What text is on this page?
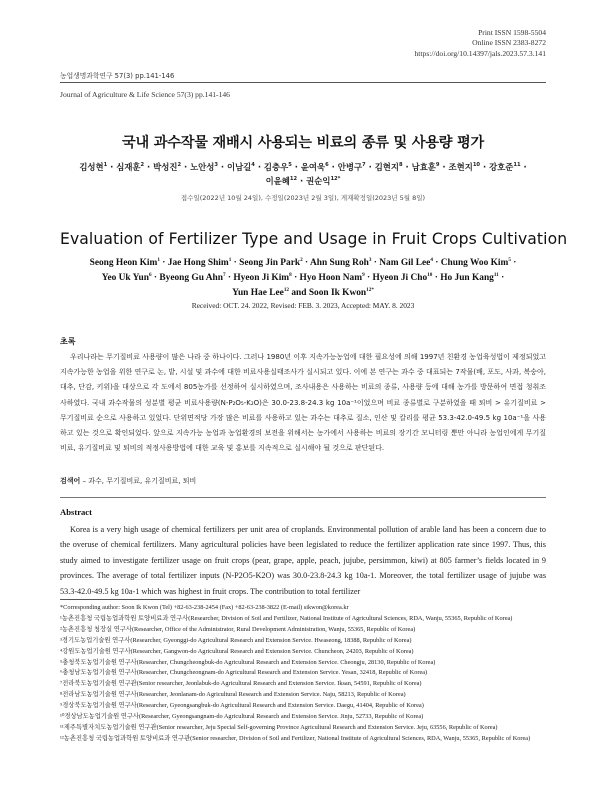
Print ISSN 1598-5504
Online ISSN 2383-8272
https://doi.org/10.14397/jals.2023.57.3.141
농업생명과학연구 57(3) pp.141-146
Journal of Agriculture & Life Science 57(3) pp.141-146
국내 과수작물 재배시 사용되는 비료의 종류 및 사용량 평가
김성현$^1$ · 심재훈$^2$ · 박성진$^2$ · 노안성$^3$ · 이남길$^4$ · 김충우$^5$ · 윤여욱$^6$ · 안병구$^7$ · 김현지$^8$ · 남효훈$^9$ · 조현지$^{10}$ · 강호준$^{11}$ ·
이윤혜$^{12}$ · 권순익$^{12*}$
접수일(2022년 10월 24일), 수정일(2023년 2월 3일), 게재확정일(2023년 5월 8일)
Evaluation of Fertilizer Type and Usage in Fruit Crops Cultivation
Seong Heon Kim$^1$ · Jae Hong Shim$^1$ · Seong Jin Park$^2$ · Ahn Sung Roh$^3$ · Nam Gil Lee$^4$ · Chung Woo Kim$^5$ ·
Yeo Uk Yun$^6$ · Byeong Gu Ahn$^7$ · Hyeon Ji Kim$^8$ · Hyo Hoon Nam$^9$ · Hyeon Ji Cho$^{10}$ · Ho Jun Kang$^{11}$ ·
Yun Hae Lee$^{12}$ and Soon Ik Kwon$^{12*}$
Received: OCT. 24. 2022, Revised: FEB. 3. 2023, Accepted: MAY. 8. 2023
초록
우리나라는 무기질비료 사용량이 많은 나라 중 하나이다. 그러나 1980년 이후 지속가능농업에 대한 필요성에 의해 1997년 친환경 농업육성법이 제정되었고 지속가능한 농업을 위한 연구로 논, 밭, 시설 및 과수에 대한 비료사용실태조사가 실시되고 있다. 이에 본 연구는 과수 중 대표되는 7작물(배, 포도, 사과, 복숭아, 대추, 단감, 키위)을 대상으로 각 도에서 805농가를 선정하여 실시하였으며, 조사내용은 사용하는 비료의 종류, 사용량 등에 대해 농가를 방문하여 면접 청취조사하였다. 국내 과수작물의 성분별 평균 비료사용량(N-P₂O₅-K₂O)은 30.0-23.8-24.3 kg 10a⁻¹이었으며 비료 종류별로 구분하였을 때 퇴비 > 유기질비료 > 무기질비료 순으로 사용하고 있었다. 단위면적당 가장 많은 비료를 사용하고 있는 과수는 대추로 질소, 인산 및 칼리를 평균 53.3-42.0-49.5 kg 10a⁻¹을 사용하고 있는 것으로 확인되었다. 앞으로 지속가능 농업과 농업환경의 보전을 위해서는 농가에서 사용하는 비료의 장기간 모니터링 뿐만 아니라 농업인에게 무기질비료, 유기질비료 및 퇴비의 적정사용방법에 대한 교육 및 홍보를 지속적으로 실시해야 될 것으로 판단된다.
검색어 – 과수, 무기질비료, 유기질비료, 퇴비
Abstract
Korea is a very high usage of chemical fertilizers per unit area of croplands. Environmental pollution of arable land has been a concern due to the overuse of chemical fertilizers. Many agricultural policies have been legislated to reduce the fertilizer application rate since 1997. Thus, this study aimed to investigate fertilizer usage on fruit crops (pear, grape, apple, peach, jujube, persimmon, kiwi) at 805 farmer’s fields located in 9 provinces. The average of total fertilizer inputs (N-P2O5-K2O) was 30.0-23.8-24.3 kg 10a-1. Moreover, the total fertilizer usage of jujube was 53.3-42.0-49.5 kg 10a-1 which was highest in fruit crops. The contribution to total fertilizer
*Corresponding author: Soon Ik Kwon (Tel) +82-63-238-2454 (Fax) +82-63-238-3822 (E-mail) sikwon@korea.kr
¹농촌진흥청 국립농업과학원 토양비료과 연구사(Researcher, Division of Soil and Fertilizer, National Institute of Agricultural Sciences, RDA, Wanju, 55365, Republic of Korea)
²농촌진흥청 청장실 연구사(Researcher, Office of the Administrator, Rural Development Administration, Wanju, 55365, Republic of Korea)
³경기도농업기술원 연구사(Researcher, Gyeonggi-do Agricultural Research and Extension Service. Hwaseong, 18388, Republic of Korea)
⁴강원도농업기술원 연구사(Researcher, Gangwon-do Agricultural Research and Extension Service. Chuncheon, 24203, Republic of Korea)
⁵충청북도농업기술원 연구사(Researcher, Chungcheongbuk-do Agricultural Research and Extension Service. Cheongju, 28130, Republic of Korea)
⁶충청남도농업기술원 연구사(Researcher, Chungcheongnam-do Agricultural Research and Extension Service. Yesan, 32418, Republic of Korea)
⁷전라북도농업기술원 연구관(Senior researcher, Jeonlabuk-do Agricultural Research and Extension Service. Iksan, 54591, Republic of Korea)
⁸전라남도농업기술원 연구사(Researcher, Jeonlanam-do Agricultural Research and Extension Service. Naju, 58213, Republic of Korea)
⁹경상북도농업기술원 연구사(Researcher, Gyeongsangbuk-do Agricultural Research and Extension Service. Daegu, 41404, Republic of Korea)
¹⁰경상남도농업기술원 연구사(Researcher, Gyeongsangnam-do Agricultural Research and Extension Service. Jinju, 52733, Republic of Korea)
¹¹제주특별자치도농업기술원 연구관(Senior researcher, Jeju Special Self-governing Province Agricultural Research and Extension Service. Jeju, 63556, Republic of Korea)
¹²농촌진흥청 국립농업과학원 토양비료과 연구관(Senior researcher, Division of Soil and Fertilizer, National Institute of Agricultural Sciences, RDA, Wanju, 55365, Republic of Korea)
